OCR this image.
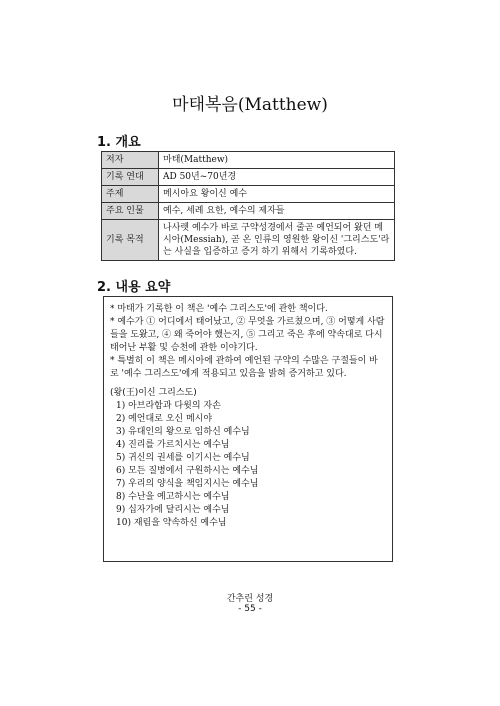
마태복음(Matthew)
1. 개요
저자	마태(Matthew)
기록 연대	AD 50년~70년경
주제	메시아요 왕이신 예수
주요 인물	예수, 세례 요한, 예수의 제자들
기록 목적	나사렛 예수가 바로 구약성경에서 줄곧 예언되어 왔던 메시아(Messiah), 곧 온 인류의 영원한 왕이신 '그리스도'라는 사실을 입증하고 증거 하기 위해서 기록하였다.
2. 내용 요약

* 마태가 기록한 이 책은 '예수 그리스도'에 관한 책이다.

* 예수가 ① 어디에서 태어났고, ② 무엇을 가르쳤으며, ③ 어떻게 사람들을 도왔고, ④ 왜 죽어야 했는지, ⑤ 그리고 죽은 후에 약속대로 다시 태어난 부활 및 승천에 관한 이야기다.

* 특별히 이 책은 메시아에 관하여 예언된 구약의 수많은 구절들이 바로 '예수 그리스도'에게 적용되고 있음을 밝혀 증거하고 있다.

(왕(王)이신 그리스도)

1) 아브라함과 다윗의 자손
2) 예언대로 오신 메시야
3) 유대인의 왕으로 임하신 예수님
4) 진리를 가르치시는 예수님
5) 귀신의 권세를 이기시는 예수님
6) 모든 질병에서 구원하시는 예수님
7) 우리의 양식을 책임지시는 예수님
8) 수난을 예고하시는 예수님
9) 십자가에 달리시는 예수님
10) 재림을 약속하신 예수님
간추린 성경
- 55 -
